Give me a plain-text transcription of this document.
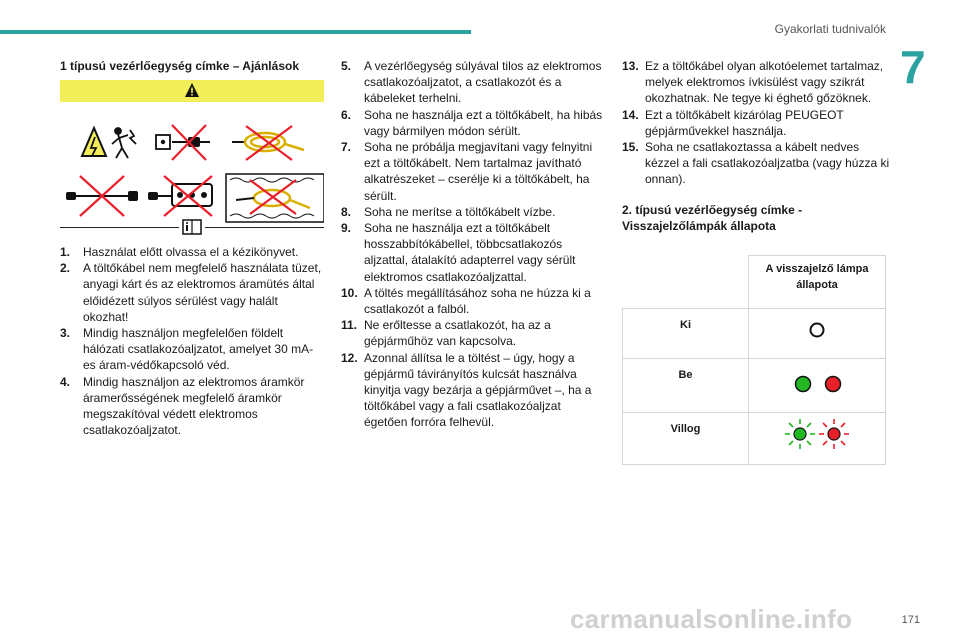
Gyakorlati tudnivalók
7
1 típusú vezérlőegység címke – Ajánlások
1. Használat előtt olvassa el a kézikönyvet.
2. A töltőkábel nem megfelelő használata tüzet, anyagi kárt és az elektromos áramütés által előidézett súlyos sérülést vagy halált okozhat!
3. Mindig használjon megfelelően földelt hálózati csatlakozóaljzatot, amelyet 30 mA-es áram-védőkapcsoló véd.
4. Mindig használjon az elektromos áramkör áramerősségének megfelelő áramkör megszakítóval védett elektromos csatlakozóaljzatot.
5. A vezérlőegység súlyával tilos az elektromos csatlakozóaljzatot, a csatlakozót és a kábeleket terhelni.
6. Soha ne használja ezt a töltőkábelt, ha hibás vagy bármilyen módon sérült.
7. Soha ne próbálja megjavítani vagy felnyitni ezt a töltőkábelt. Nem tartalmaz javítható alkatrészeket – cserélje ki a töltőkábelt, ha sérült.
8. Soha ne merítse a töltőkábelt vízbe.
9. Soha ne használja ezt a töltőkábelt hosszabbítókábellel, többcsatlakozós aljzattal, átalakító adapterrel vagy sérült elektromos csatlakozóaljzattal.
10. A töltés megállításához soha ne húzza ki a csatlakozót a falból.
11. Ne erőltesse a csatlakozót, ha az a gépjárműhöz van kapcsolva.
12. Azonnal állítsa le a töltést – úgy, hogy a gépjármű távirányítós kulcsát használva kinyitja vagy bezárja a gépjárművet –, ha a töltőkábel vagy a fali csatlakozóaljzat égetően forróra felhevül.
13. Ez a töltőkábel olyan alkotóelemet tartalmaz, melyek elektromos ívkisülést vagy szikrát okozhatnak. Ne tegye ki éghető gőzöknek.
14. Ezt a töltőkábelt kizárólag PEUGEOT gépjárművekkel használja.
15. Soha ne csatlakoztassa a kábelt nedves kézzel a fali csatlakozóaljzatba (vagy húzza ki onnan).
2. típusú vezérlőegység címke - Visszajelzőlámpák állapota
	A visszajelző lámpa állapota
Ki	
Be	
Villog	
171
carmanualsonline.info
